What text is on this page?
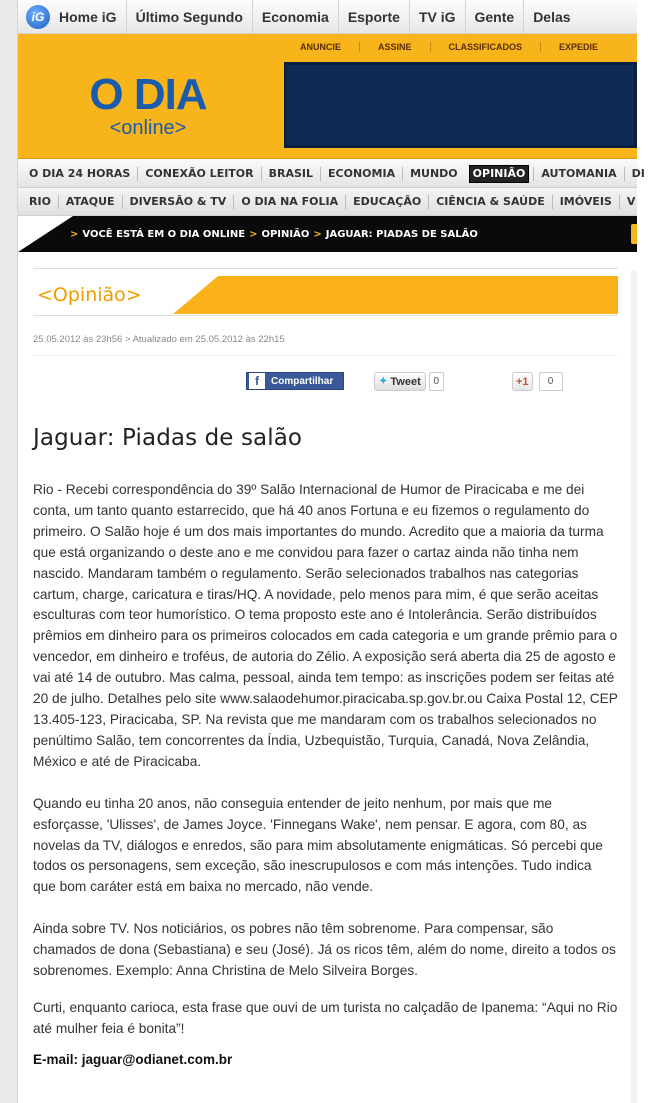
iG Home iG	Último Segundo	Economia	Esporte	TV iG	Gente	Delas
ANUNCIE	ASSINE	CLASSIFICADOS	EXPEDIE
O DIA
<online>
O DIA 24 HORAS	CONEXÃO LEITOR	BRASIL	ECONOMIA	MUNDO	OPINIÃO	AUTOMANIA	DI
RIO	ATAQUE	DIVERSÃO & TV	O DIA NA FOLIA	EDUCAÇÃO	CIÊNCIA & SAÚDE	IMÓVEIS	V
> VOCÊ ESTÁ EM O DIA ONLINE > OPINIÃO > JAGUAR: PIADAS DE SALÃO
<Opinião>
25.05.2012 às 23h56 > Atualizado em 25.05.2012 às 22h15
f	Compartilhar	✦ Tweet	0	+1	0
Jaguar: Piadas de salão

Rio - Recebi correspondência do 39º Salão Internacional de Humor de Piracicaba e me dei conta, um tanto quanto estarrecido, que há 40 anos Fortuna e eu fizemos o regulamento do primeiro. O Salão hoje é um dos mais importantes do mundo. Acredito que a maioria da turma que está organizando o deste ano e me convidou para fazer o cartaz ainda não tinha nem nascido. Mandaram também o regulamento. Serão selecionados trabalhos nas categorias cartum, charge, caricatura e tiras/HQ. A novidade, pelo menos para mim, é que serão aceitas esculturas com teor humorístico. O tema proposto este ano é Intolerância. Serão distribuídos prêmios em dinheiro para os primeiros colocados em cada categoria e um grande prêmio para o vencedor, em dinheiro e troféus, de autoria do Zélio. A exposição será aberta dia 25 de agosto e vai até 14 de outubro. Mas calma, pessoal, ainda tem tempo: as inscrições podem ser feitas até 20 de julho. Detalhes pelo site www.salaodehumor.piracicaba.sp.gov.br.ou Caixa Postal 12, CEP 13.405-123, Piracicaba, SP. Na revista que me mandaram com os trabalhos selecionados no penúltimo Salão, tem concorrentes da Índia, Uzbequistão, Turquia, Canadá, Nova Zelândia, México e até de Piracicaba.

Quando eu tinha 20 anos, não conseguia entender de jeito nenhum, por mais que me esforçasse, 'Ulisses', de James Joyce. 'Finnegans Wake', nem pensar. E agora, com 80, as novelas da TV, diálogos e enredos, são para mim absolutamente enigmáticas. Só percebi que todos os personagens, sem exceção, são inescrupulosos e com más intenções. Tudo indica que bom caráter está em baixa no mercado, não vende.

Ainda sobre TV. Nos noticiários, os pobres não têm sobrenome. Para compensar, são chamados de dona (Sebastiana) e seu (José). Já os ricos têm, além do nome, direito a todos os sobrenomes. Exemplo: Anna Christina de Melo Silveira Borges.

Curti, enquanto carioca, esta frase que ouvi de um turista no calçadão de Ipanema: “Aqui no Rio até mulher feia é bonita”!

E-mail: jaguar@odianet.com.br
